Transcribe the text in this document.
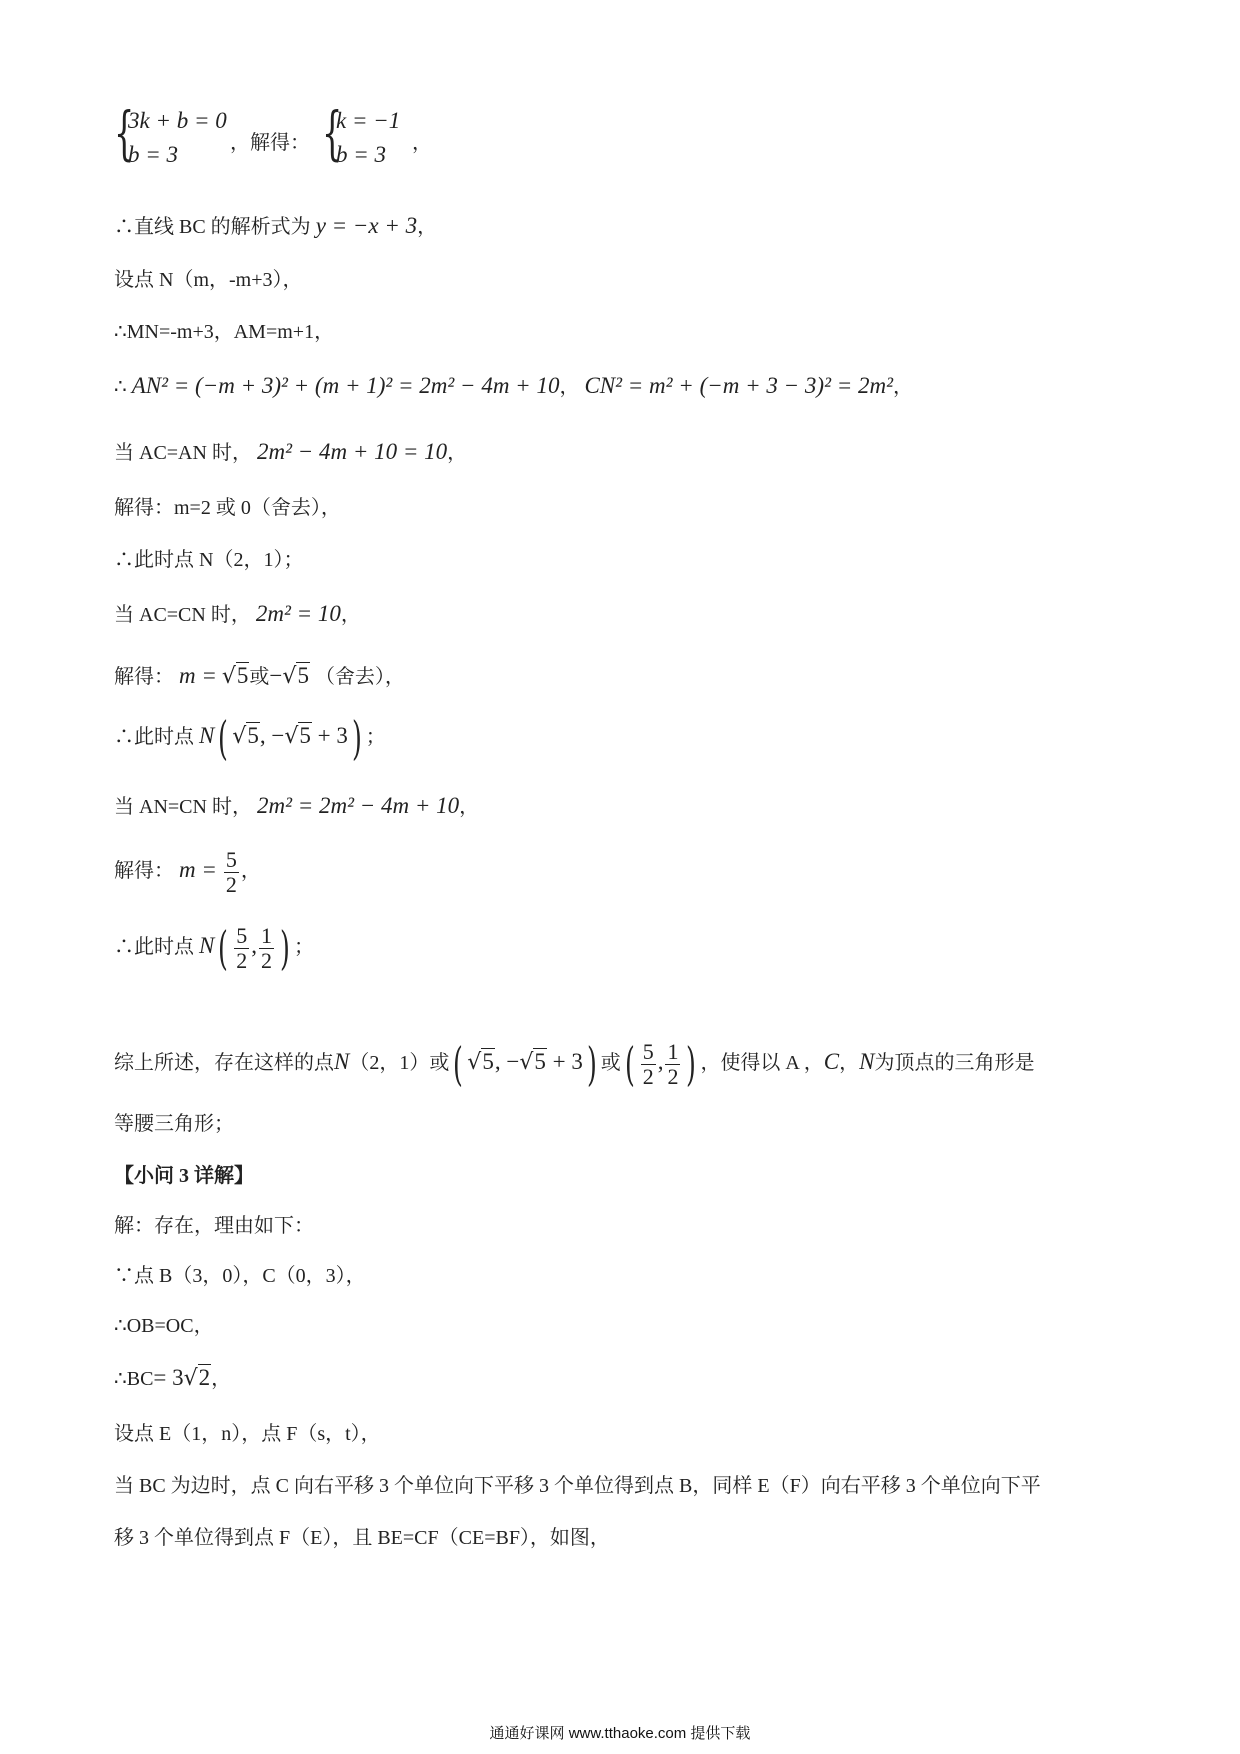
{
3k + b = 0
b = 3	，解得： {
k = −1
b = 3 ，
∴直线 BC 的解析式为 y = −x + 3，
设点 N（m，-m+3），
∴MN=-m+3，AM=m+1，
∴ AN² = (−m + 3)² + (m + 1)² = 2m² − 4m + 10， CN² = m² + (−m + 3 − 3)² = 2m²，
当 AC=AN 时， 2m² − 4m + 10 = 10，
解得：m=2 或 0（舍去），
∴此时点 N（2，1）；
当 AC=CN 时， 2m² = 10，
解得： m = √5或−√5 （舍去），
∴此时点 N( √5, −√5 + 3) ；
当 AN=CN 时， 2m² = 2m² − 4m + 10，
解得： $m = \frac{5}{2}$ ，
∴此时点 $N( \frac{5}{2}$ , $\frac{1}{2}$ ) ；
综上所述，存在这样的点N（2，1）或( √5, −√5 + 3) 或( $\frac{5}{2}$ , $\frac{1}{2}$ ) ，使得以 A ，C，N为顶点的三角形是
等腰三角形；
【小问 3 详解】
解：存在，理由如下：
∵点 B（3，0），C（0，3），
∴OB=OC，
∴BC= 3√2，
设点 E（1，n），点 F（s，t），
当 BC 为边时，点 C 向右平移 3 个单位向下平移 3 个单位得到点 B，同样 E（F）向右平移 3 个单位向下平
移 3 个单位得到点 F（E），且 BE=CF（CE=BF），如图，
通通好课网 www.tthaoke.com 提供下载
